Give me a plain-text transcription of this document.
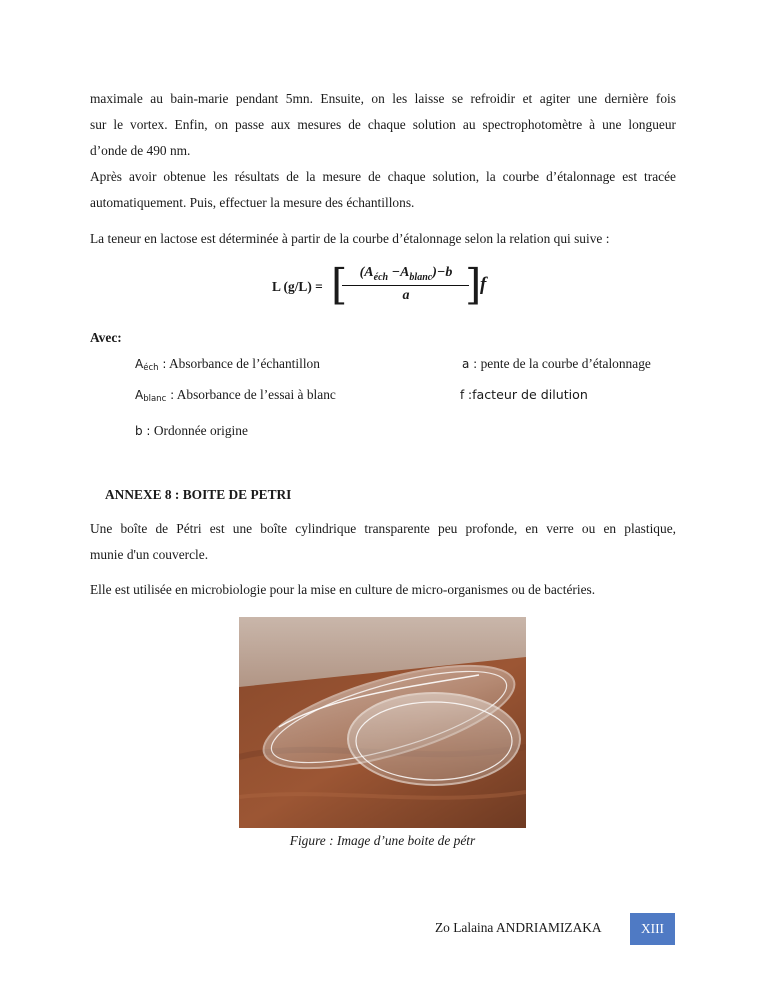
maximale au bain-marie pendant 5mn. Ensuite, on les laisse se refroidir et agiter une dernière fois
sur le vortex. Enfin, on passe aux mesures de chaque solution au spectrophotomètre à une longueur
d’onde de 490 nm.
Après avoir obtenue les résultats de la mesure de chaque solution, la courbe d’étalonnage est tracée
automatiquement. Puis, effectuer la mesure des échantillons.
La teneur en lactose est déterminée à partir de la courbe d’étalonnage selon la relation qui suive :
L (g/L) = [ $(A_{éch} -A_{blanc})-b$
a	]
f
Avec:
$A_{éch}$ : Absorbance de l’échantillon	a : pente de la courbe d’étalonnage
$A_{blanc}$ : Absorbance de l’essai à blanc	f :facteur de dilution
b : Ordonnée origine
ANNEXE 8 : BOITE DE PETRI
Une boîte de Pétri est une boîte cylindrique transparente peu profonde, en verre ou en plastique,
munie d'un couvercle.
Elle est utilisée en microbiologie pour la mise en culture de micro-organismes ou de bactéries.
Figure : Image d’une boite de pétr
Zo Lalaina ANDRIAMIZAKA	XIII
